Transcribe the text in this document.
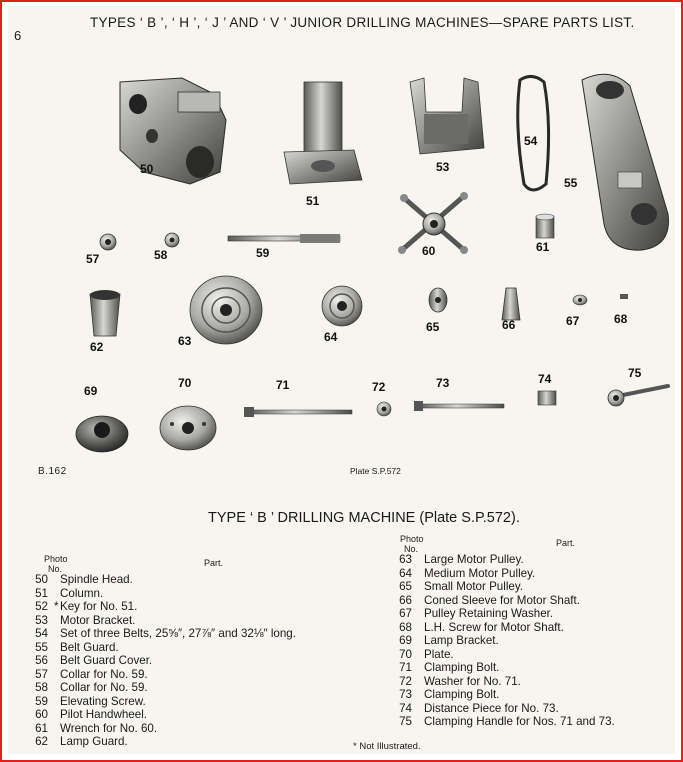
6
TYPES ‘ B ’, ‘ H ’, ‘ J ’ AND ‘ V ’ JUNIOR DRILLING MACHINES—SPARE PARTS LIST.
50
51
53
54
55
57	58	59	60	61
62	63	64
65	66	67	68
69
70	71	72	73	74	75
B.162	Plate S.P.572
TYPE ‘ B ’ DRILLING MACHINE (Plate S.P.572).
Photo
No.
Part.
Photo
No.
Part.
50 Spindle Head.
51 Column.
52 *Key for No. 51.
53 Motor Bracket.
54 Set of three Belts, 25⅝″, 27⅞″ and 32⅛″ long.
55 Belt Guard.
56 Belt Guard Cover.
57 Collar for No. 59.
58 Collar for No. 59.
59 Elevating Screw.
60 Pilot Handwheel.
61 Wrench for No. 60.
62 Lamp Guard.
63 Large Motor Pulley.
64 Medium Motor Pulley.
65 Small Motor Pulley.
66 Coned Sleeve for Motor Shaft.
67 Pulley Retaining Washer.
68 L.H. Screw for Motor Shaft.
69 Lamp Bracket.
70 Plate.
71 Clamping Bolt.
72 Washer for No. 71.
73 Clamping Bolt.
74 Distance Piece for No. 73.
75 Clamping Handle for Nos. 71 and 73.
* Not Illustrated.
